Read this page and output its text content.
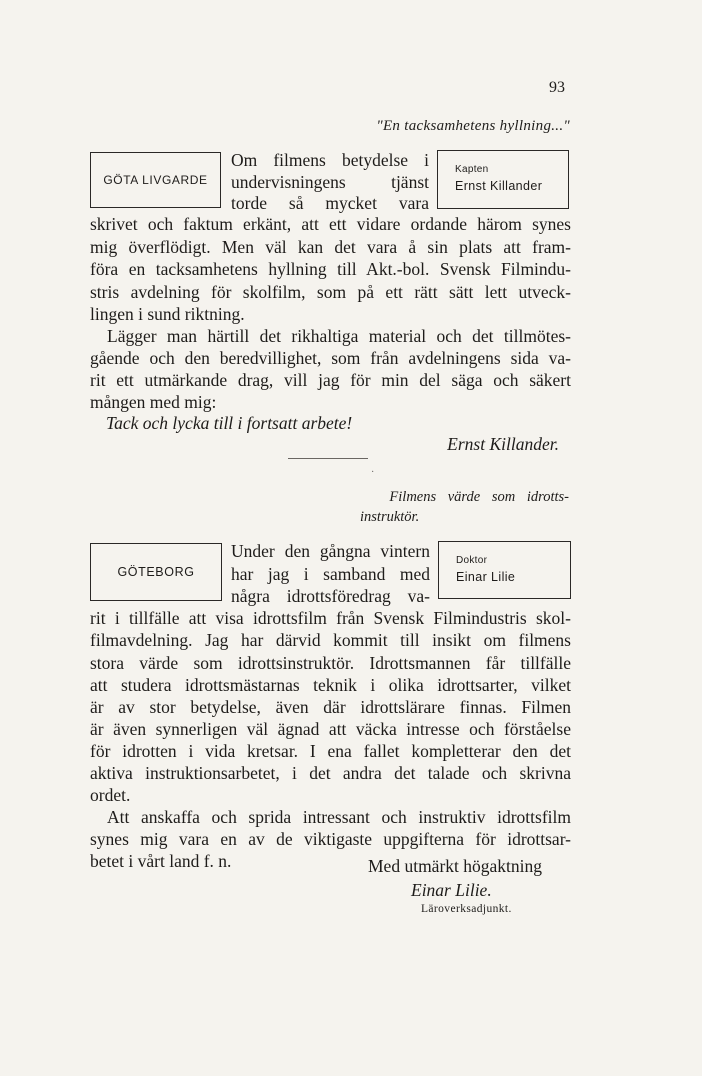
93
"En tacksamhetens hyllning..."
GÖTA LIVGARDE
Kapten
Ernst Killander
Om filmens betydelse i
undervisningens tjänst
torde så mycket vara
skrivet och faktum erkänt, att ett vidare ordande härom synes
mig överflödigt. Men väl kan det vara å sin plats att fram-
föra en tacksamhetens hyllning till Akt.-bol. Svensk Filmindu-
stris avdelning för skolfilm, som på ett rätt sätt lett utveck-
lingen i sund riktning.
Lägger man härtill det rikhaltiga material och det tillmötes-
gående och den beredvillighet, som från avdelningens sida va-
rit ett utmärkande drag, vill jag för min del säga och säkert
mången med mig:
Tack och lycka till i fortsatt arbete!
Ernst Killander.
·
Filmens värde som idrotts-
instruktör.
GÖTEBORG
Doktor
Einar Lilie
Under den gångna vintern
har jag i samband med
några idrottsföredrag va-
rit i tillfälle att visa idrottsfilm från Svensk Filmindustris skol-
filmavdelning. Jag har därvid kommit till insikt om filmens
stora värde som idrottsinstruktör. Idrottsmannen får tillfälle
att studera idrottsmästarnas teknik i olika idrottsarter, vilket
är av stor betydelse, även där idrottslärare finnas. Filmen
är även synnerligen väl ägnad att väcka intresse och förståelse
för idrotten i vida kretsar. I ena fallet kompletterar den det
aktiva instruktionsarbetet, i det andra det talade och skrivna
ordet.
Att anskaffa och sprida intressant och instruktiv idrottsfilm
synes mig vara en av de viktigaste uppgifterna för idrottsar-
betet i vårt land f. n.	Med utmärkt högaktning
Einar Lilie.
Läroverksadjunkt.
